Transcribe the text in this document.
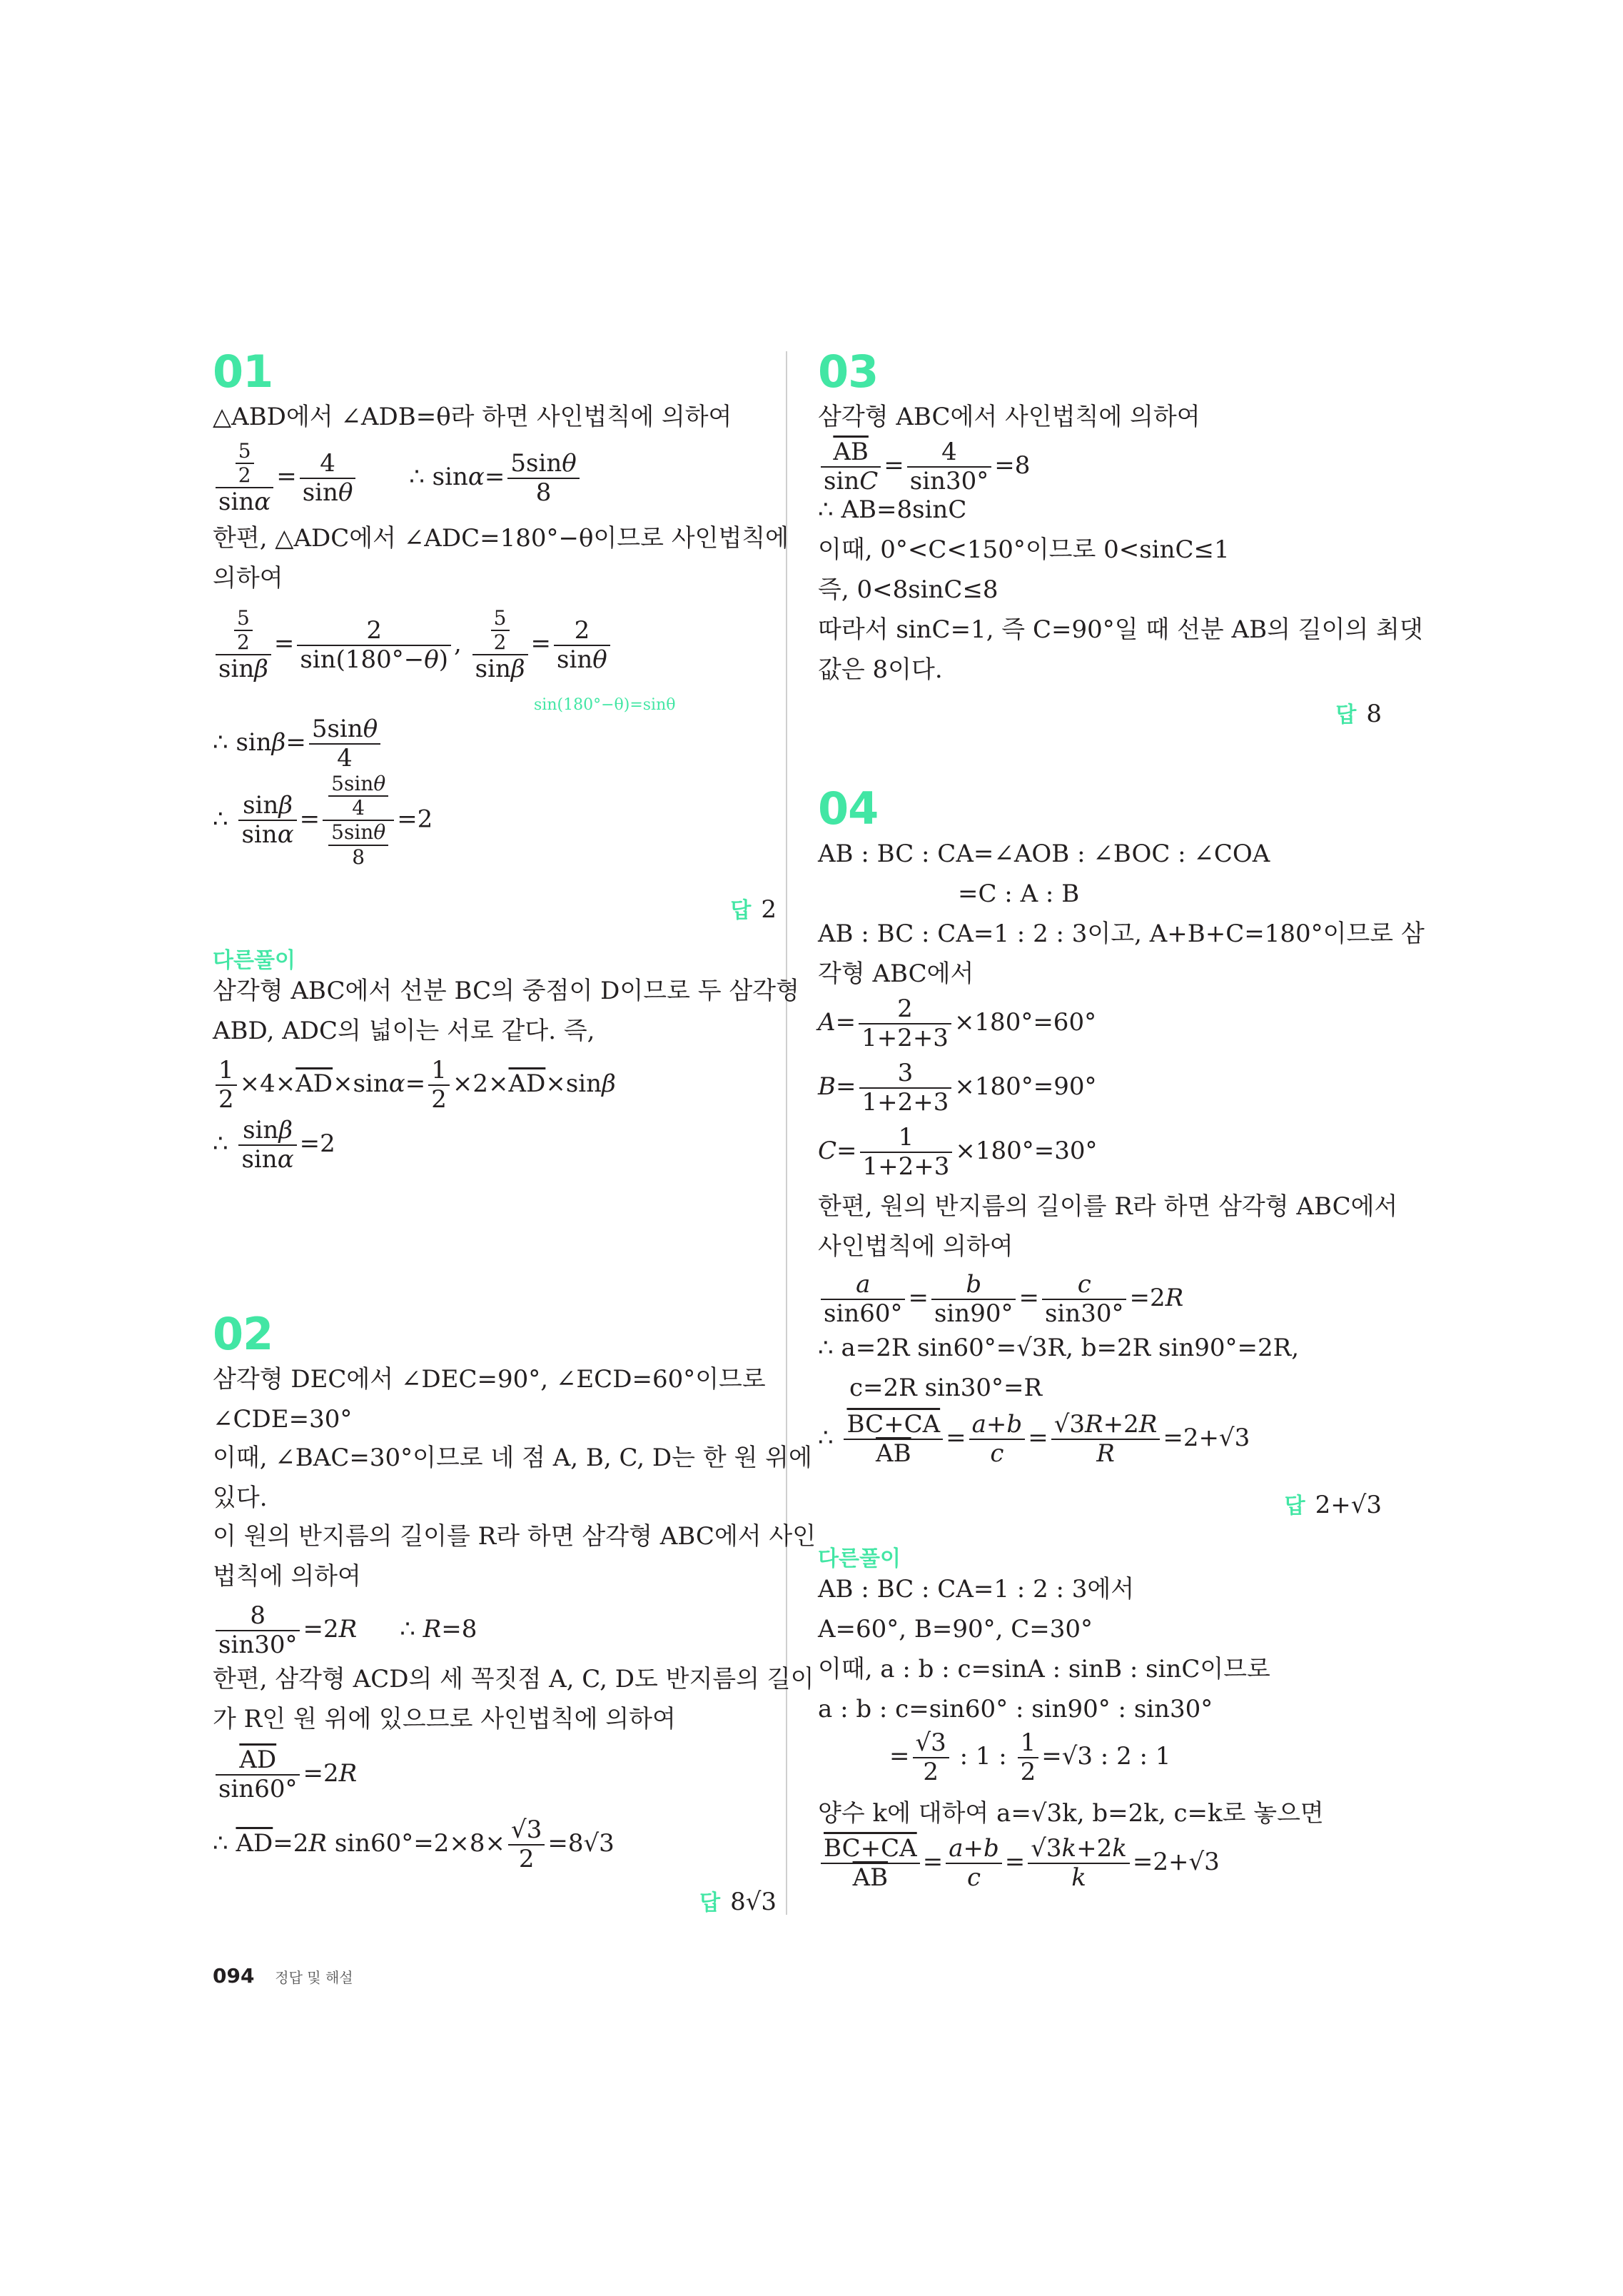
01
△ABD에서 ∠ADB=θ라 하면 사인법칙에 의하여
$\frac{\frac{5}{2}}{\sin\alpha} = \frac{4}{\sin\theta}$ ∴ $\sin\alpha= \frac{5\sin\theta}{8}$
한편, △ADC에서 ∠ADC=180°−θ이므로 사인법칙에
의하여
$\frac{\frac{5}{2}}{\sin\beta} = \frac{2}{\sin(180^\circ-\theta)}$ , $\frac{\frac{5}{2}}{\sin\beta} = \frac{2}{\sin\theta}$
sin(180°−θ)=sinθ
∴ $\sin\beta= \frac{5\sin\theta}{4}$
∴ $\frac{\sin\beta}{\sin\alpha} = \frac{\frac{5\sin\theta}{4}}{\frac{5\sin\theta}{8}} =2$
답 2
다른풀이
삼각형 ABC에서 선분 BC의 중점이 D이므로 두 삼각형
ABD, ADC의 넓이는 서로 같다. 즉,
$\frac{1}{2} \times 4\times\overline{AD}\times\sin\alpha= \frac{1}{2} \times 2\times\overline{AD}\times\sin\beta$
∴ $\frac{\sin\beta}{\sin\alpha} =2$
02
삼각형 DEC에서 ∠DEC=90°, ∠ECD=60°이므로
∠CDE=30°
이때, ∠BAC=30°이므로 네 점 A, B, C, D는 한 원 위에
있다.
이 원의 반지름의 길이를 R라 하면 삼각형 ABC에서 사인
법칙에 의하여
$\frac{8}{\sin 30^\circ} =2R$ ∴ R=8
한편, 삼각형 ACD의 세 꼭짓점 A, C, D도 반지름의 길이
가 R인 원 위에 있으므로 사인법칙에 의하여
$\frac{\overline{AD}}{\sin 60^\circ} =2R$
∴ $\overline{AD}=2R$ $\sin 60^\circ=2\times 8\times \frac{√3}{2} =8√3$
답 8√3
03
삼각형 ABC에서 사인법칙에 의하여
$\frac{\overline{AB}}{\sin C} = \frac{4}{\sin 30^\circ} =8$
∴ AB=8sinC
이때, 0°<C<150°이므로 0<sinC≤1
즉, 0<8sinC≤8
따라서 sinC=1, 즉 C=90°일 때 선분 AB의 길이의 최댓
값은 8이다.
답 8
04
AB : BC : CA=∠AOB : ∠BOC : ∠COA
=C : A : B
AB : BC : CA=1 : 2 : 3이고, A+B+C=180°이므로 삼
각형 ABC에서
$A= \frac{2}{1+2+3} \times 180^\circ=60^\circ$
$B= \frac{3}{1+2+3} \times 180^\circ=90^\circ$
$C= \frac{1}{1+2+3} \times 180^\circ=30^\circ$
한편, 원의 반지름의 길이를 R라 하면 삼각형 ABC에서
사인법칙에 의하여
$\frac{a}{\sin 60^\circ} = \frac{b}{\sin 90^\circ} = \frac{c}{\sin 30^\circ} =2R$
∴ a=2R sin60°=√3R, b=2R sin90°=2R,
c=2R sin30°=R
∴ $\frac{BC+CA}{AB} = \frac{a+b}{c} = \frac{√3R+2R}{R} =2+√3$
답 2+√3
다른풀이
AB : BC : CA=1 : 2 : 3에서
A=60°, B=90°, C=30°
이때, a : b : c=sinA : sinB : sinC이므로
a : b : c=sin60° : sin90° : sin30°
= $\frac{√3}{2}$ : 1 : $\frac{1}{2} =√3$ : 2 : 1
양수 k에 대하여 a=√3k, b=2k, c=k로 놓으면
$\frac{BC+CA}{AB} = \frac{a+b}{c} = \frac{√3k+2k}{k} =2+√3$
094 정답 및 해설
